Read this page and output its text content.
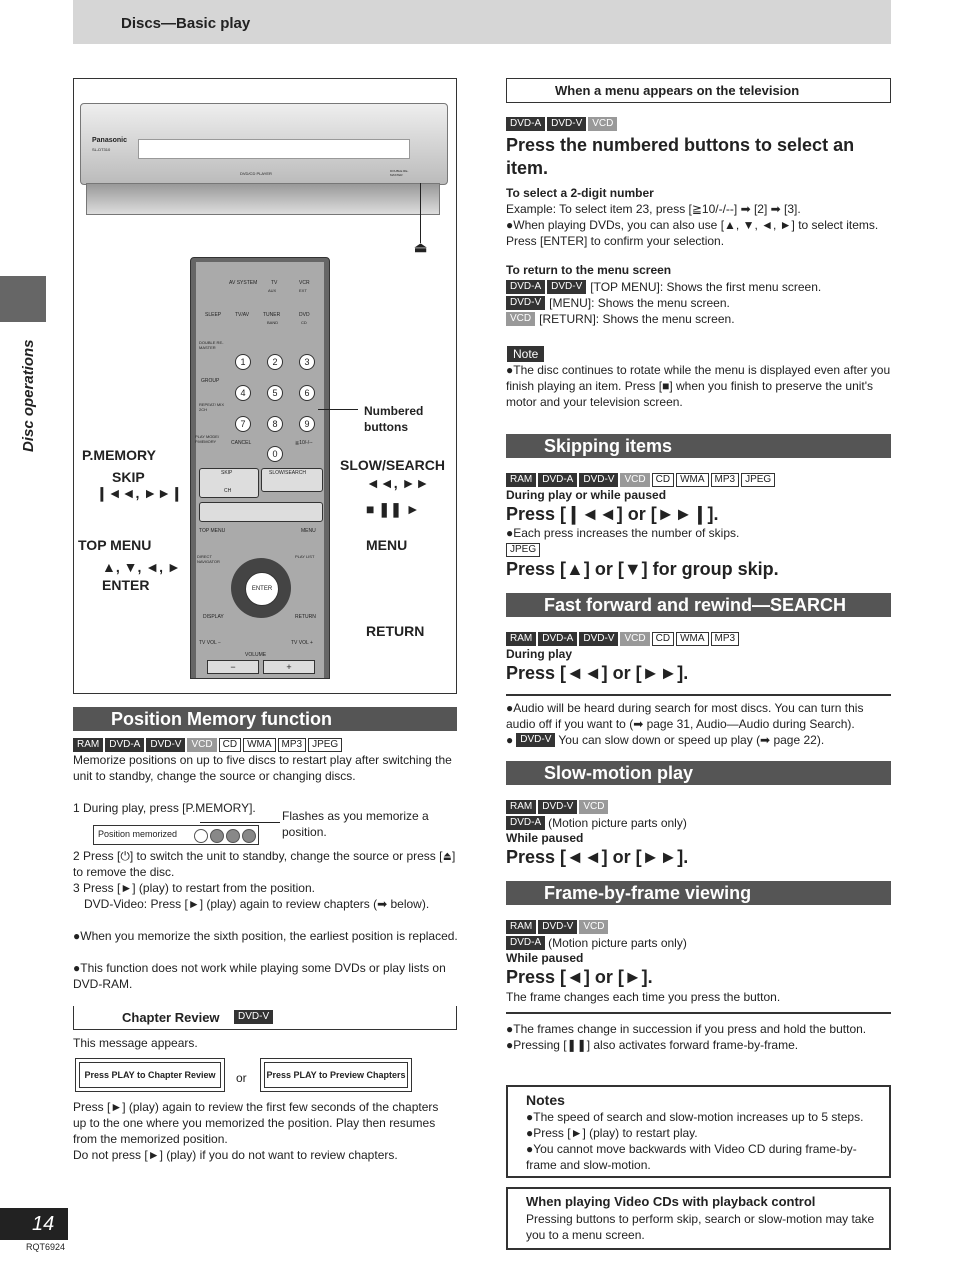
Discs—Basic play
Disc operations
14
RQT6924
Panasonic
SL-DT310
DVD/CD PLAYER	DOUBLE RE-MASTER
⏏
AV SYSTEM	TV	VCR
AUX	EXT
SLEEP	TV/AV	TUNER
BAND
DVD
CD
DOUBLE RE-MASTER
GROUP
REPEAT/ MIX 2CH
PLAY MODE/ P.MEMORY	CANCEL	≧10/-/--
1	2	3
4	5	6
7	8	9
0
SKIP
CH
SLOW/SEARCH
TOP MENU	MENU
DIRECT NAVIGATOR
PLAY LIST
ENTER
DISPLAY	RETURN
TV VOL −	TV VOL +
VOLUME
−	+
Numbered buttons
SLOW/SEARCH
◄◄, ►►
■ ❚❚ ►
MENU
RETURN
P.MEMORY
SKIP
❙◄◄, ►►❙
TOP MENU
▲, ▼, ◄, ►
ENTER
Position Memory function
RAM	DVD-A	DVD-V	VCD	CD	WMA	MP3	JPEG
Memorize positions on up to five discs to restart play after switching the unit to standby, change the source or changing discs.
1 During play, press [P.MEMORY].
Position memorized
Flashes as you memorize a position.
2 Press [⏻] to switch the unit to standby, change the source or press [⏏] to remove the disc.
3 Press [►] (play) to restart from the position.
DVD-Video: Press [►] (play) again to review chapters (➡ below).
●When you memorize the sixth position, the earliest position is replaced.
●This function does not work while playing some DVDs or play lists on DVD-RAM.
Chapter Review	DVD-V
This message appears.
Press PLAY to Chapter Review	or Press PLAY to Preview Chapters
Press [►] (play) again to review the first few seconds of the chapters up to the one where you memorized the position. Play then resumes from the memorized position.
Do not press [►] (play) if you do not want to review chapters.
When a menu appears on the television
DVD-A	DVD-V	VCD
Press the numbered buttons to select an item.
To select a 2-digit number
Example: To select item 23, press [≧10/-/--] ➡ [2] ➡ [3].
●When playing DVDs, you can also use [▲, ▼, ◄, ►] to select items. Press [ENTER] to confirm your selection.
To return to the menu screen
DVD-A	DVD-V [TOP MENU]: Shows the first menu screen.
DVD-V [MENU]: Shows the menu screen.
VCD [RETURN]: Shows the menu screen.
Note
●The disc continues to rotate while the menu is displayed even after you finish playing an item. Press [■] when you finish to preserve the unit's motor and your television screen.
Skipping items
RAM	DVD-A	DVD-V	VCD	CD	WMA	MP3	JPEG
During play or while paused
Press [❙◄◄] or [►►❙].
●Each press increases the number of skips.
JPEG
Press [▲] or [▼] for group skip.
Fast forward and rewind—SEARCH
RAM	DVD-A	DVD-V	VCD	CD	WMA	MP3
During play
Press [◄◄] or [►►].
●Audio will be heard during search for most discs. You can turn this audio off if you want to (➡ page 31, Audio—Audio during Search).
● DVD-V You can slow down or speed up play (➡ page 22).
Slow-motion play
RAM	DVD-V	VCD
DVD-A (Motion picture parts only)
While paused
Press [◄◄] or [►►].
Frame-by-frame viewing
RAM	DVD-V	VCD
DVD-A (Motion picture parts only)
While paused
Press [◄] or [►].
The frame changes each time you press the button.
●The frames change in succession if you press and hold the button.
●Pressing [❚❚] also activates forward frame-by-frame.
Notes
●The speed of search and slow-motion increases up to 5 steps.
●Press [►] (play) to restart play.
●You cannot move backwards with Video CD during frame-by-frame and slow-motion.
When playing Video CDs with playback control
Pressing buttons to perform skip, search or slow-motion may take you to a menu screen.
